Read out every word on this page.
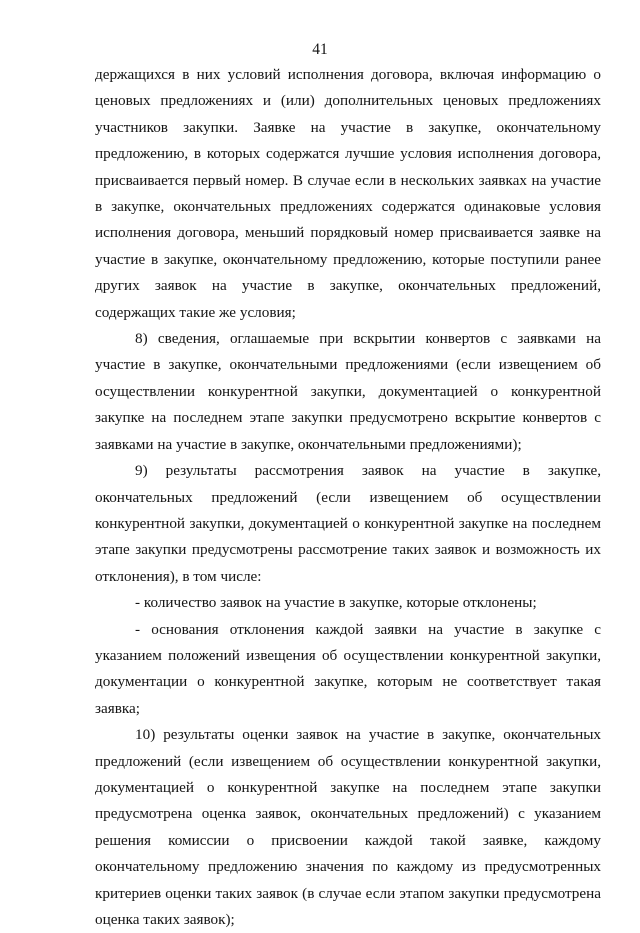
41

держащихся в них условий исполнения договора, включая информацию о ценовых предложениях и (или) дополнительных ценовых предложениях участников закупки. Заявке на участие в закупке, окончательному предложению, в которых содержатся лучшие условия исполнения договора, присваивается первый номер. В случае если в нескольких заявках на участие в закупке, окончательных предложениях содержатся одинаковые условия исполнения договора, меньший порядковый номер присваивается заявке на участие в закупке, окончательному предложению, которые поступили ранее других заявок на участие в закупке, окончательных предложений, содержащих такие же условия;

8) сведения, оглашаемые при вскрытии конвертов с заявками на участие в закупке, окончательными предложениями (если извещением об осуществлении конкурентной закупки, документацией о конкурентной закупке на последнем этапе закупки предусмотрено вскрытие конвертов с заявками на участие в закупке, окончательными предложениями);

9) результаты рассмотрения заявок на участие в закупке, окончательных предложений (если извещением об осуществлении конкурентной закупки, документацией о конкурентной закупке на последнем этапе закупки предусмотрены рассмотрение таких заявок и возможность их отклонения), в том числе:

- количество заявок на участие в закупке, которые отклонены;

- основания отклонения каждой заявки на участие в закупке с указанием положений извещения об осуществлении конкурентной закупки, документации о конкурентной закупке, которым не соответствует такая заявка;

10) результаты оценки заявок на участие в закупке, окончательных предложений (если извещением об осуществлении конкурентной закупки, документацией о конкурентной закупке на последнем этапе закупки предусмотрена оценка заявок, окончательных предложений) с указанием решения комиссии о присвоении каждой такой заявке, каждому окончательному предложению значения по каждому из предусмотренных критериев оценки таких заявок (в случае если этапом закупки предусмотрена оценка таких заявок);
